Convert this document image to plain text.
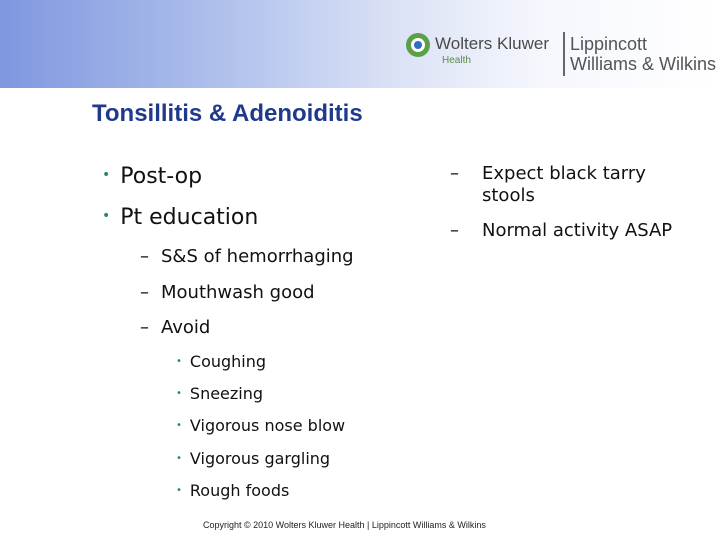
Wolters Kluwer
Health
Lippincott
Williams & Wilkins
Tonsillitis & Adenoiditis
• Post-op
• Pt education
– S&S of hemorrhaging
– Mouthwash good
– Avoid
• Coughing
• Sneezing
• Vigorous nose blow
• Vigorous gargling
• Rough foods
– Expect black tarry stools
– Normal activity ASAP
Copyright © 2010 Wolters Kluwer Health | Lippincott Williams & Wilkins
